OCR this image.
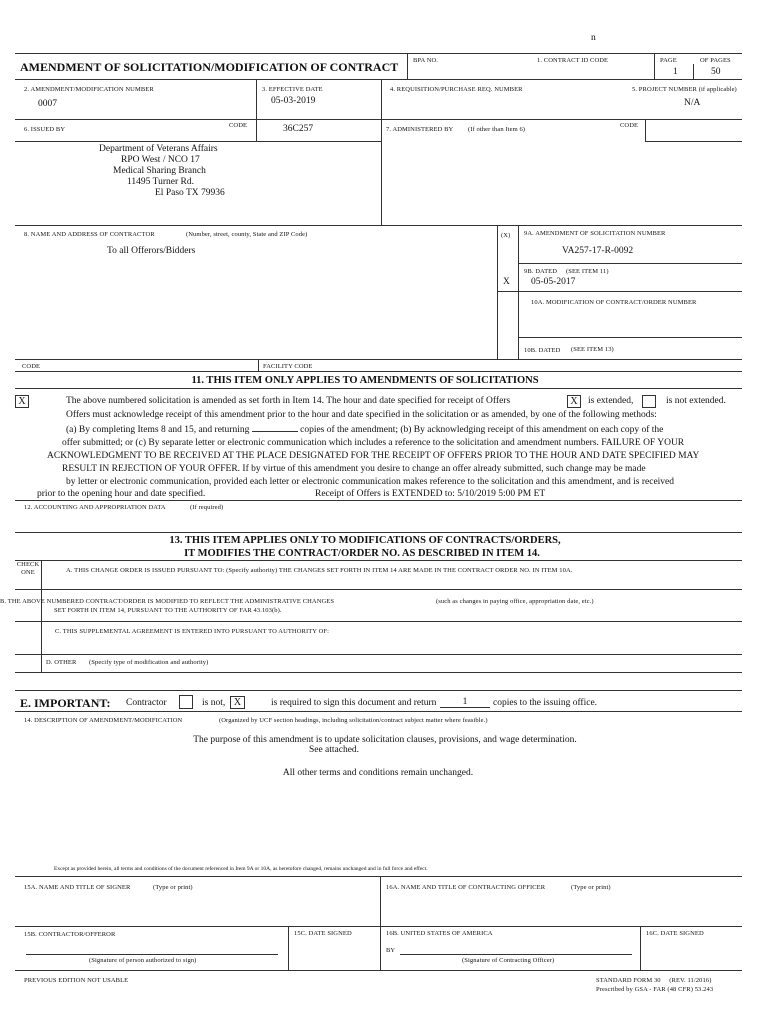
n
AMENDMENT OF SOLICITATION/MODIFICATION OF CONTRACT BPA NO.	1. CONTRACT ID CODE	PAGE	OF PAGES
1	50
2. AMENDMENT/MODIFICATION NUMBER
0007
3. EFFECTIVE DATE
05-03-2019
4. REQUISITION/PURCHASE REQ. NUMBER	5. PROJECT NUMBER (if applicable)
N/A
6. ISSUED BY
CODE	36C257	7. ADMINISTERED BY (If other than Item 6)
CODE
Department of Veterans Affairs
RPO West / NCO 17
Medical Sharing Branch
11495 Turner Rd.
El Paso TX 79936
8. NAME AND ADDRESS OF CONTRACTOR	(Number, street, county, State and ZIP Code)
To all Offerors/Bidders
(X) 9A. AMENDMENT OF SOLICITATION NUMBER
VA257-17-R-0092
9B. DATED (SEE ITEM 11)
X 05-05-2017
10A. MODIFICATION OF CONTRACT/ORDER NUMBER
10B. DATED (SEE ITEM 13)
CODE	FACILITY CODE
11. THIS ITEM ONLY APPLIES TO AMENDMENTS OF SOLICITATIONS
X	The above numbered solicitation is amended as set forth in Item 14. The hour and date specified for receipt of Offers	X	is extended,	is not extended.
Offers must acknowledge receipt of this amendment prior to the hour and date specified in the solicitation or as amended, by one of the following methods:
(a) By completing Items 8 and 15, and returning	copies of the amendment; (b) By acknowledging receipt of this amendment on each copy of the
offer submitted; or (c) By separate letter or electronic communication which includes a reference to the solicitation and amendment numbers. FAILURE OF YOUR
ACKNOWLEDGMENT TO BE RECEIVED AT THE PLACE DESIGNATED FOR THE RECEIPT OF OFFERS PRIOR TO THE HOUR AND DATE SPECIFIED MAY
RESULT IN REJECTION OF YOUR OFFER. If by virtue of this amendment you desire to change an offer already submitted, such change may be made
by letter or electronic communication, provided each letter or electronic communication makes reference to the solicitation and this amendment, and is received
prior to the opening hour and date specified.	Receipt of Offers is EXTENDED to: 5/10/2019 5:00 PM ET
12. ACCOUNTING AND APPROPRIATION DATA	(If required)
13. THIS ITEM APPLIES ONLY TO MODIFICATIONS OF CONTRACTS/ORDERS,
IT MODIFIES THE CONTRACT/ORDER NO. AS DESCRIBED IN ITEM 14.
CHECK ONE	A. THIS CHANGE ORDER IS ISSUED PURSUANT TO: (Specify authority) THE CHANGES SET FORTH IN ITEM 14 ARE MADE IN THE CONTRACT ORDER NO. IN ITEM 10A.
B. THE ABOVE NUMBERED CONTRACT/ORDER IS MODIFIED TO REFLECT THE ADMINISTRATIVE CHANGES	(such as changes in paying office, appropriation date, etc.)
SET FORTH IN ITEM 14, PURSUANT TO THE AUTHORITY OF FAR 43.103(b).
C. THIS SUPPLEMENTAL AGREEMENT IS ENTERED INTO PURSUANT TO AUTHORITY OF:
D. OTHER (Specify type of modification and authority)
E. IMPORTANT: Contractor	is not, X	is required to sign this document and return	1	copies to the issuing office.
14. DESCRIPTION OF AMENDMENT/MODIFICATION	(Organized by UCF section headings, including solicitation/contract subject matter where feasible.)
The purpose of this amendment is to update solicitation clauses, provisions, and wage determination.
See attached.
All other terms and conditions remain unchanged.
Except as provided herein, all terms and conditions of the document referenced in Item 9A or 10A, as heretofore changed, remains unchanged and in full force and effect.
15A. NAME AND TITLE OF SIGNER	(Type or print)	16A. NAME AND TITLE OF CONTRACTING OFFICER	(Type or print)
15B. CONTRACTOR/OFFEROR	15C. DATE SIGNED	16B. UNITED STATES OF AMERICA	16C. DATE SIGNED
BY
(Signature of person authorized to sign)	(Signature of Contracting Officer)
PREVIOUS EDITION NOT USABLE	STANDARD FORM 30     (REV. 11/2016)
Prescribed by GSA - FAR (48 CFR) 53.243
